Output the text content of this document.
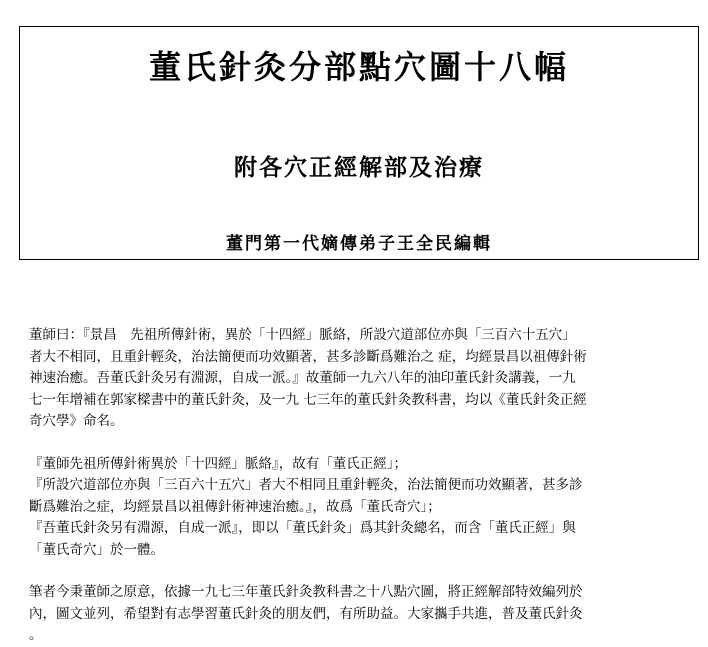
董氏針灸分部點穴圖十八幅
附各穴正經解部及治療
董門第一代嫡傳弟子王全民編輯

董師曰：『景昌　先祖所傳針術，異於「十四經」脈絡，所設穴道部位亦與「三百六十五穴」
者大不相同，且重針輕灸，治法簡便而功效顯著，甚多診斷爲難治之 症，均經景昌以祖傳針術
神速治癒。吾董氏針灸另有淵源，自成一派。』故董師一九六八年的油印董氏針灸講義，一九
七一年增補在郭家樑書中的董氏針灸，及一九 七三年的董氏針灸教科書，均以《董氏針灸正經
奇穴學》命名。

『董師先祖所傳針術異於「十四經」脈絡』，故有「董氏正經」；
『所設穴道部位亦與「三百六十五穴」者大不相同且重針輕灸，治法簡便而功效顯著，甚多診
斷爲難治之症，均經景昌以祖傳針術神速治癒。』，故爲「董氏奇穴」；
『吾董氏針灸另有淵源，自成一派』，即以「董氏針灸」爲其針灸總名，而含「董氏正經」與
「董氏奇穴」於一體。

筆者今秉董師之原意，依據一九七三年董氏針灸教科書之十八點穴圖，將正經解部特效編列於
內，圖文並列，希望對有志學習董氏針灸的朋友們，有所助益。大家攜手共進，普及董氏針灸
。
